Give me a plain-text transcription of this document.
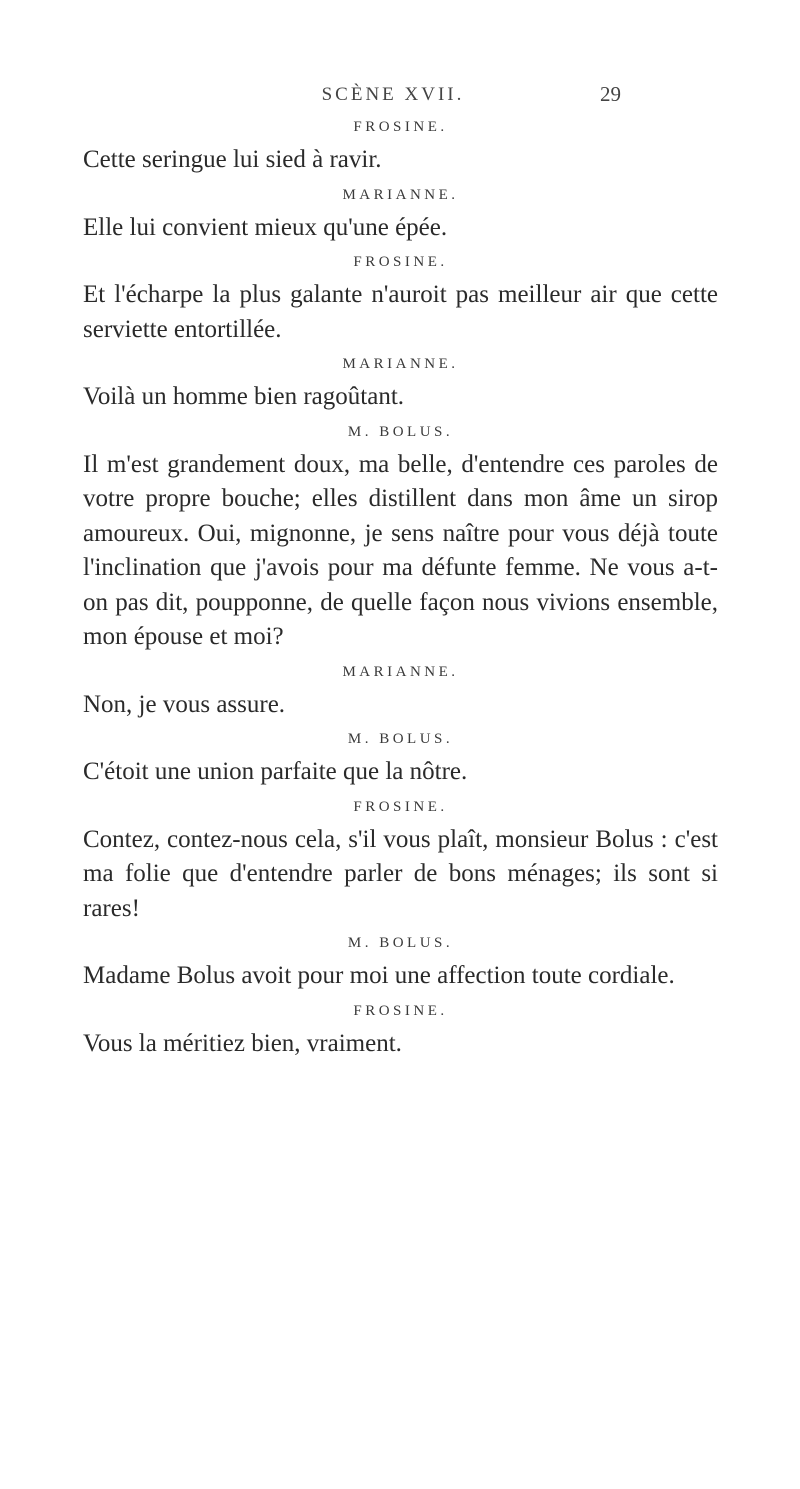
SCÈNE XVII.	29
FROSINE.

Cette seringue lui sied à ravir.

MARIANNE.

Elle lui convient mieux qu'une épée.

FROSINE.

Et l'écharpe la plus galante n'auroit pas meilleur air que cette serviette entortillée.

MARIANNE.

Voilà un homme bien ragoûtant.

M. BOLUS.

Il m'est grandement doux, ma belle, d'entendre ces paroles de votre propre bouche; elles distillent dans mon âme un sirop amoureux. Oui, mignonne, je sens naître pour vous déjà toute l'inclination que j'avois pour ma défunte femme. Ne vous a-t-on pas dit, poupponne, de quelle façon nous vivions ensemble, mon épouse et moi?

MARIANNE.

Non, je vous assure.

M. BOLUS.

C'étoit une union parfaite que la nôtre.

FROSINE.

Contez, contez-nous cela, s'il vous plaît, monsieur Bolus : c'est ma folie que d'entendre parler de bons ménages; ils sont si rares!

M. BOLUS.

Madame Bolus avoit pour moi une affection toute cordiale.

FROSINE.

Vous la méritiez bien, vraiment.
